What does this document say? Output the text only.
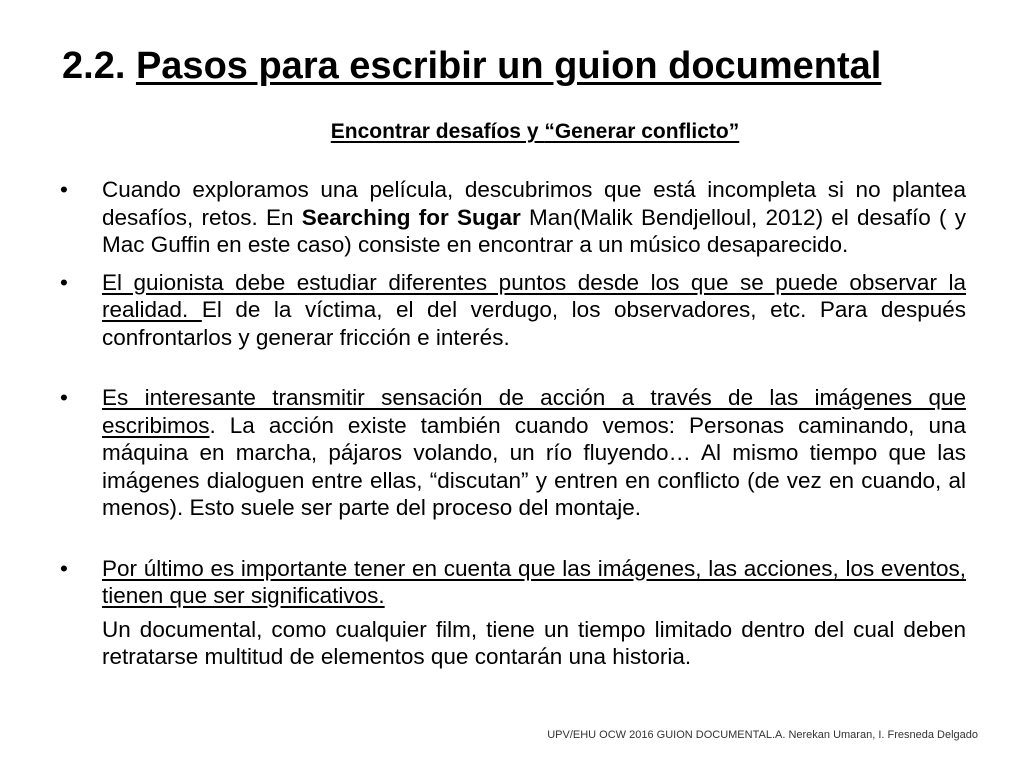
2.2. Pasos para escribir un guion documental
Encontrar desafíos y “Generar conflicto”
• Cuando exploramos una película, descubrimos que está incompleta si no plantea desafíos, retos. En Searching for Sugar Man(Malik Bendjelloul, 2012) el desafío ( y Mac Guffin en este caso) consiste en encontrar a un músico desaparecido.
• El guionista debe estudiar diferentes puntos desde los que se puede observar la realidad. El de la víctima, el del verdugo, los observadores, etc. Para después confrontarlos y generar fricción e interés.
• Es interesante transmitir sensación de acción a través de las imágenes que escribimos. La acción existe también cuando vemos: Personas caminando, una máquina en marcha, pájaros volando, un río fluyendo… Al mismo tiempo que las imágenes dialoguen entre ellas, “discutan” y entren en conflicto (de vez en cuando, al menos). Esto suele ser parte del proceso del montaje.
• Por último es importante tener en cuenta que las imágenes, las acciones, los eventos, tienen que ser significativos.
Un documental, como cualquier film, tiene un tiempo limitado dentro del cual deben retratarse multitud de elementos que contarán una historia.
UPV/EHU OCW 2016 GUION DOCUMENTAL.A. Nerekan Umaran, I. Fresneda Delgado
